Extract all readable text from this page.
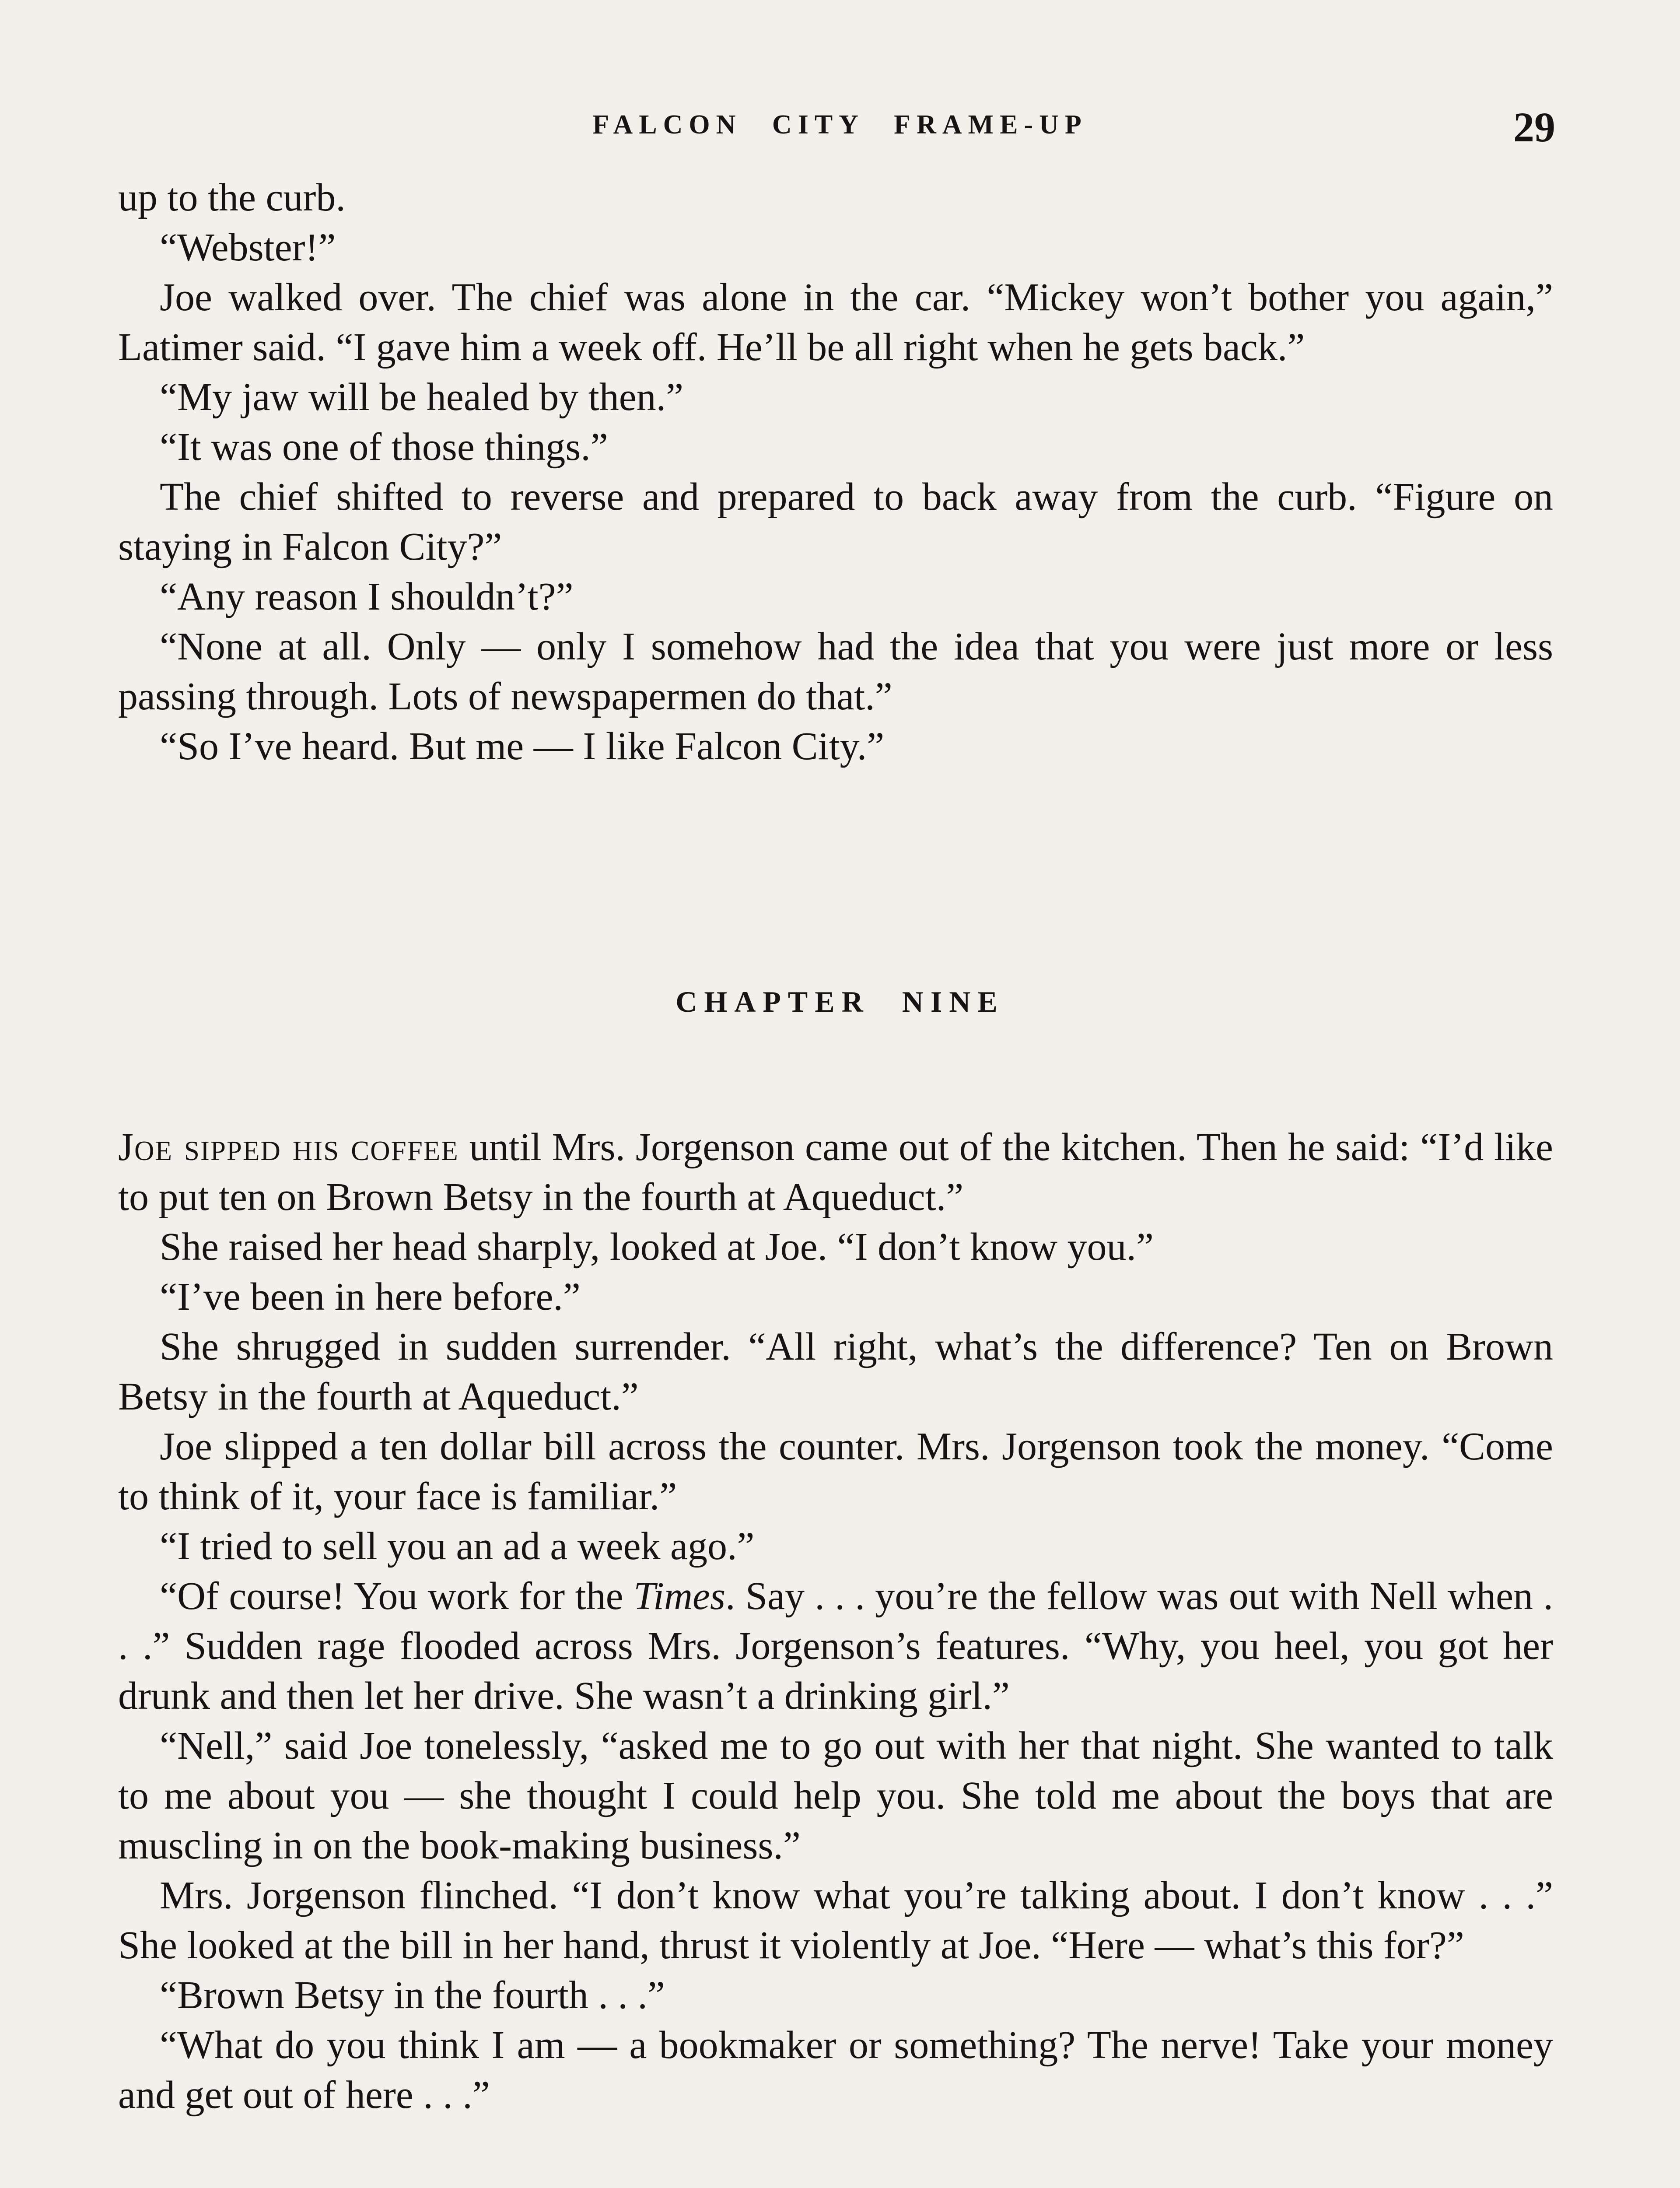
FALCON CITY FRAME-UP	29

up to the curb.

“Webster!”

Joe walked over. The chief was alone in the car. “Mickey won’t bother you again,” Latimer said. “I gave him a week off. He’ll be all right when he gets back.”

“My jaw will be healed by then.”

“It was one of those things.”

The chief shifted to reverse and prepared to back away from the curb. “Figure on staying in Falcon City?”

“Any reason I shouldn’t?”

“None at all. Only — only I somehow had the idea that you were just more or less passing through. Lots of newspapermen do that.”

“So I’ve heard. But me — I like Falcon City.”

CHAPTER NINE

Joe sipped his coffee until Mrs. Jorgenson came out of the kitchen. Then he said: “I’d like to put ten on Brown Betsy in the fourth at Aqueduct.”

She raised her head sharply, looked at Joe. “I don’t know you.”

“I’ve been in here before.”

She shrugged in sudden surrender. “All right, what’s the difference? Ten on Brown Betsy in the fourth at Aqueduct.”

Joe slipped a ten dollar bill across the counter. Mrs. Jorgenson took the money. “Come to think of it, your face is familiar.”

“I tried to sell you an ad a week ago.”

“Of course! You work for the Times. Say . . . you’re the fellow was out with Nell when . . .” Sudden rage flooded across Mrs. Jorgenson’s features. “Why, you heel, you got her drunk and then let her drive. She wasn’t a drinking girl.”

“Nell,” said Joe tonelessly, “asked me to go out with her that night. She wanted to talk to me about you — she thought I could help you. She told me about the boys that are muscling in on the book-making business.”

Mrs. Jorgenson flinched. “I don’t know what you’re talking about. I don’t know . . .” She looked at the bill in her hand, thrust it violently at Joe. “Here — what’s this for?”

“Brown Betsy in the fourth . . .”

“What do you think I am — a bookmaker or something? The nerve! Take your money and get out of here . . .”
